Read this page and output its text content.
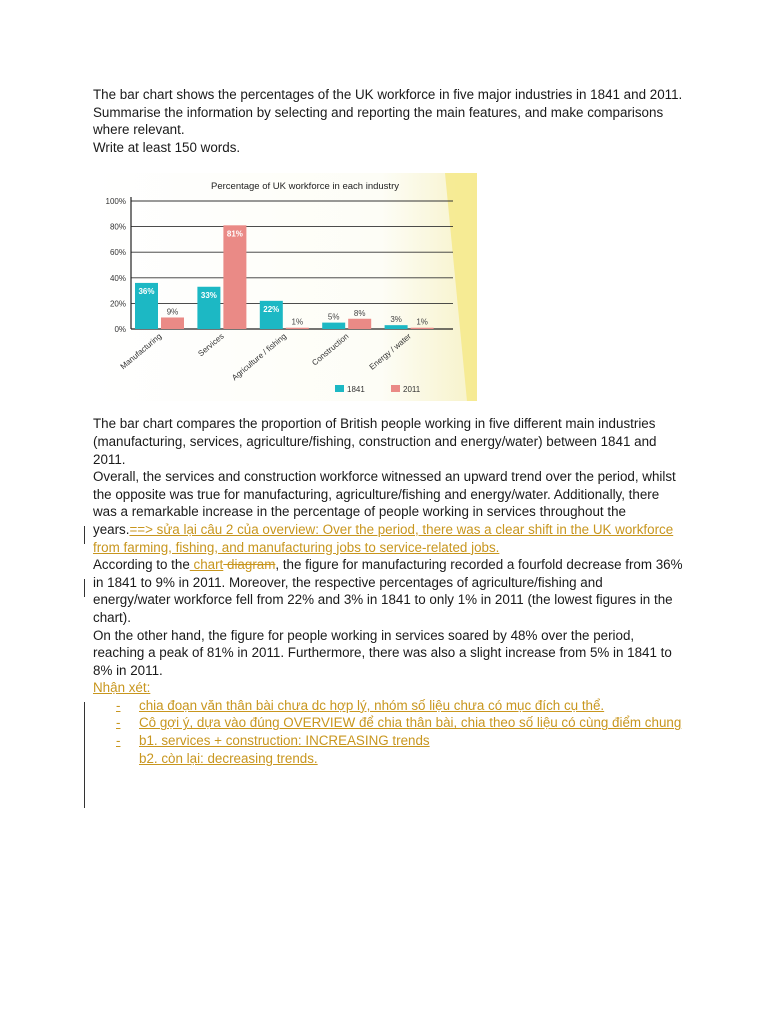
The bar chart shows the percentages of the UK workforce in five major industries in 1841 and 2011. Summarise the information by selecting and reporting the main features, and make comparisons where relevant.
Write at least 150 words.

Percentage of UK workforce in each industry
0%
20%
40%
60%
80%
100%
36%
9%
33%
81%
22%
1%
5% 8%
3% 1%
Manufacturing	Services Agriculture / fishing	Construction Energy / water
1841	2011

The bar chart compares the proportion of British people working in five different main industries (manufacturing, services, agriculture/fishing, construction and energy/water) between 1841 and 2011.

Overall, the services and construction workforce witnessed an upward trend over the period, whilst the opposite was true for manufacturing, agriculture/fishing and energy/water. Additionally, there was a remarkable increase in the percentage of people working in services throughout the years.==> sửa lại câu 2 của overview: Over the period, there was a clear shift in the UK workforce from farming, fishing, and manufacturing jobs to service-related jobs.

According to the chart diagram, the figure for manufacturing recorded a fourfold decrease from 36% in 1841 to 9% in 2011. Moreover, the respective percentages of agriculture/fishing and energy/water workforce fell from 22% and 3% in 1841 to only 1% in 2011 (the lowest figures in the chart).

On the other hand, the figure for people working in services soared by 48% over the period, reaching a peak of 81% in 2011. Furthermore, there was also a slight increase from 5% in 1841 to 8% in 2011.

Nhận xét:

- chia đoạn văn thân bài chưa dc hợp lý, nhóm số liệu chưa có mục đích cụ thể.
- Cô gợi ý, dựa vào đúng OVERVIEW để chia thân bài, chia theo số liệu có cùng điểm chung
- b1. services + construction: INCREASING trends
b2. còn lại: decreasing trends.
